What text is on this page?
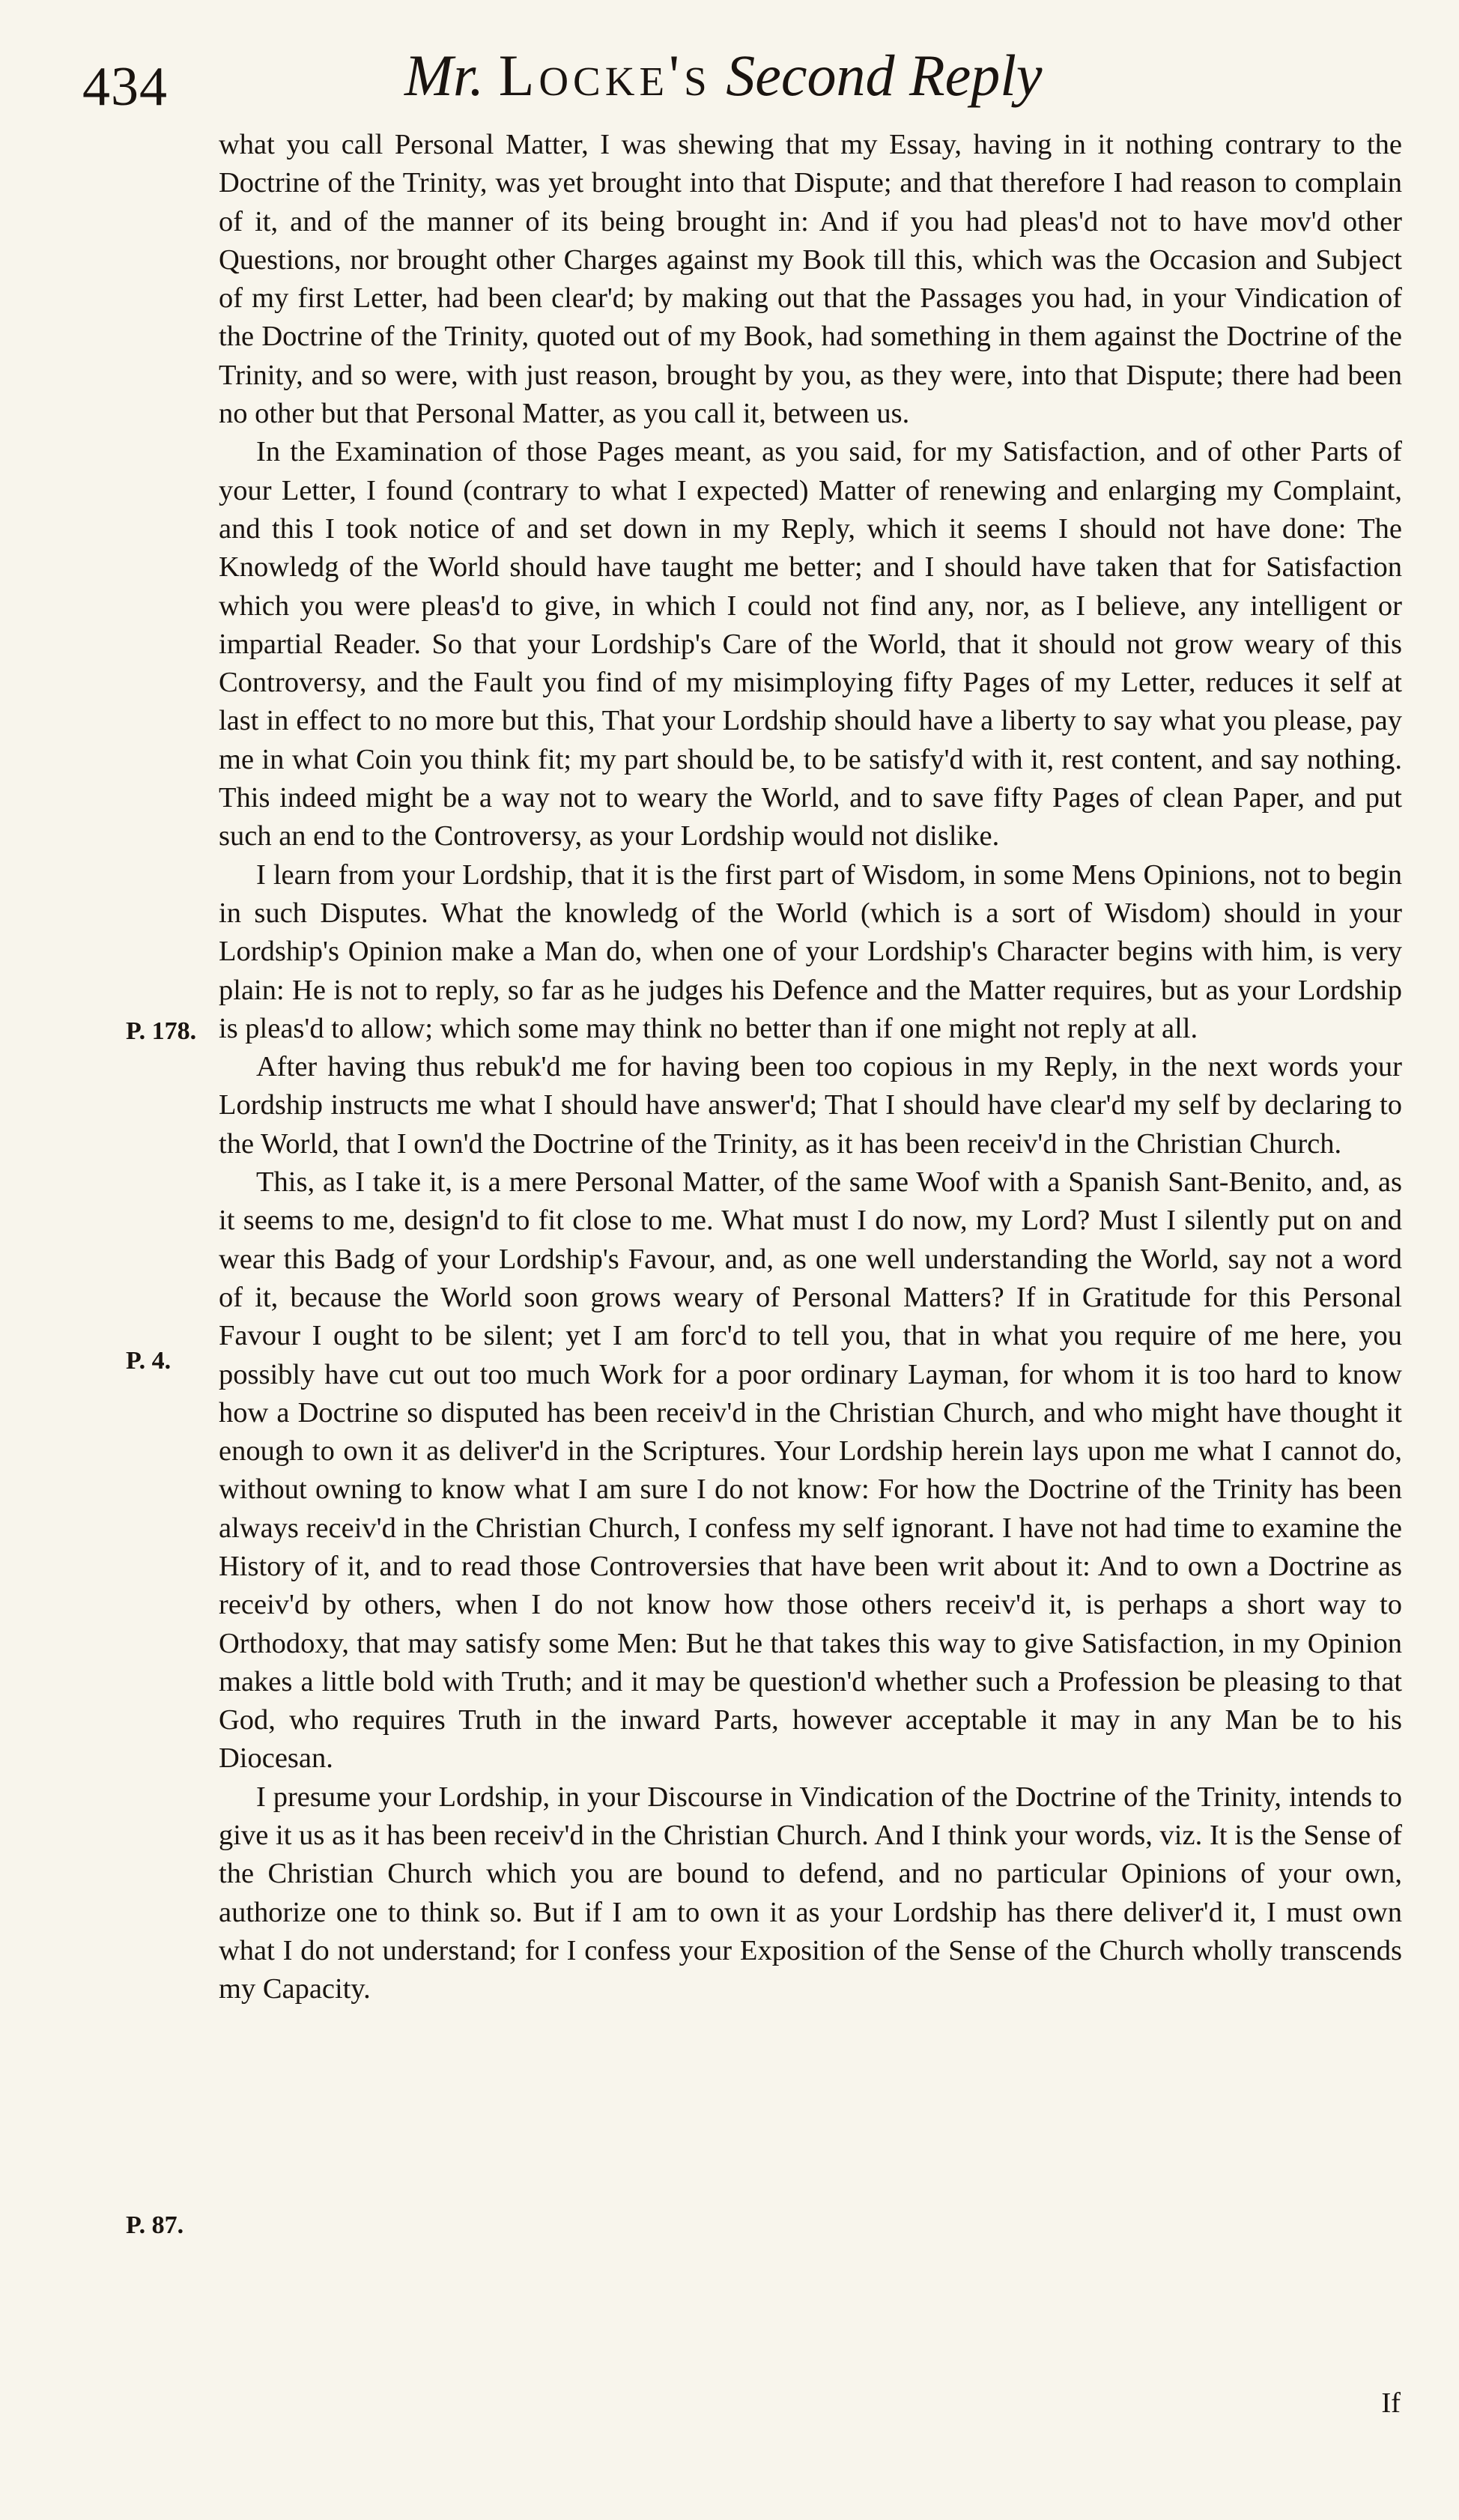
434	Mr. Locke's Second Reply
P. 178.
P. 4.
P. 87.

what you call Personal Matter, I was shewing that my Essay, having in it nothing contrary to the Doctrine of the Trinity, was yet brought into that Dispute; and that therefore I had reason to complain of it, and of the manner of its being brought in: And if you had pleas'd not to have mov'd other Questions, nor brought other Charges against my Book till this, which was the Occasion and Subject of my first Letter, had been clear'd; by making out that the Passages you had, in your Vindication of the Doctrine of the Trinity, quoted out of my Book, had something in them against the Doctrine of the Trinity, and so were, with just reason, brought by you, as they were, into that Dispute; there had been no other but that Personal Matter, as you call it, between us.

In the Examination of those Pages meant, as you said, for my Satisfaction, and of other Parts of your Letter, I found (contrary to what I expected) Matter of renewing and enlarging my Complaint, and this I took notice of and set down in my Reply, which it seems I should not have done: The Knowledg of the World should have taught me better; and I should have taken that for Satisfaction which you were pleas'd to give, in which I could not find any, nor, as I believe, any intelligent or impartial Reader. So that your Lordship's Care of the World, that it should not grow weary of this Controversy, and the Fault you find of my misimploying fifty Pages of my Letter, reduces it self at last in effect to no more but this, That your Lordship should have a liberty to say what you please, pay me in what Coin you think fit; my part should be, to be satisfy'd with it, rest content, and say nothing. This indeed might be a way not to weary the World, and to save fifty Pages of clean Paper, and put such an end to the Controversy, as your Lordship would not dislike.

I learn from your Lordship, that it is the first part of Wisdom, in some Mens Opinions, not to begin in such Disputes. What the knowledg of the World (which is a sort of Wisdom) should in your Lordship's Opinion make a Man do, when one of your Lordship's Character begins with him, is very plain: He is not to reply, so far as he judges his Defence and the Matter requires, but as your Lordship is pleas'd to allow; which some may think no better than if one might not reply at all.

After having thus rebuk'd me for having been too copious in my Reply, in the next words your Lordship instructs me what I should have answer'd; That I should have clear'd my self by declaring to the World, that I own'd the Doctrine of the Trinity, as it has been receiv'd in the Christian Church.

This, as I take it, is a mere Personal Matter, of the same Woof with a Spanish Sant-Benito, and, as it seems to me, design'd to fit close to me. What must I do now, my Lord? Must I silently put on and wear this Badg of your Lordship's Favour, and, as one well understanding the World, say not a word of it, because the World soon grows weary of Personal Matters? If in Gratitude for this Personal Favour I ought to be silent; yet I am forc'd to tell you, that in what you require of me here, you possibly have cut out too much Work for a poor ordinary Layman, for whom it is too hard to know how a Doctrine so disputed has been receiv'd in the Christian Church, and who might have thought it enough to own it as deliver'd in the Scriptures. Your Lordship herein lays upon me what I cannot do, without owning to know what I am sure I do not know: For how the Doctrine of the Trinity has been always receiv'd in the Christian Church, I confess my self ignorant. I have not had time to examine the History of it, and to read those Controversies that have been writ about it: And to own a Doctrine as receiv'd by others, when I do not know how those others receiv'd it, is perhaps a short way to Orthodoxy, that may satisfy some Men: But he that takes this way to give Satisfaction, in my Opinion makes a little bold with Truth; and it may be question'd whether such a Profession be pleasing to that God, who requires Truth in the inward Parts, however acceptable it may in any Man be to his Diocesan.

I presume your Lordship, in your Discourse in Vindication of the Doctrine of the Trinity, intends to give it us as it has been receiv'd in the Christian Church. And I think your words, viz. It is the Sense of the Christian Church which you are bound to defend, and no particular Opinions of your own, authorize one to think so. But if I am to own it as your Lordship has there deliver'd it, I must own what I do not understand; for I confess your Exposition of the Sense of the Church wholly transcends my Capacity.

If
